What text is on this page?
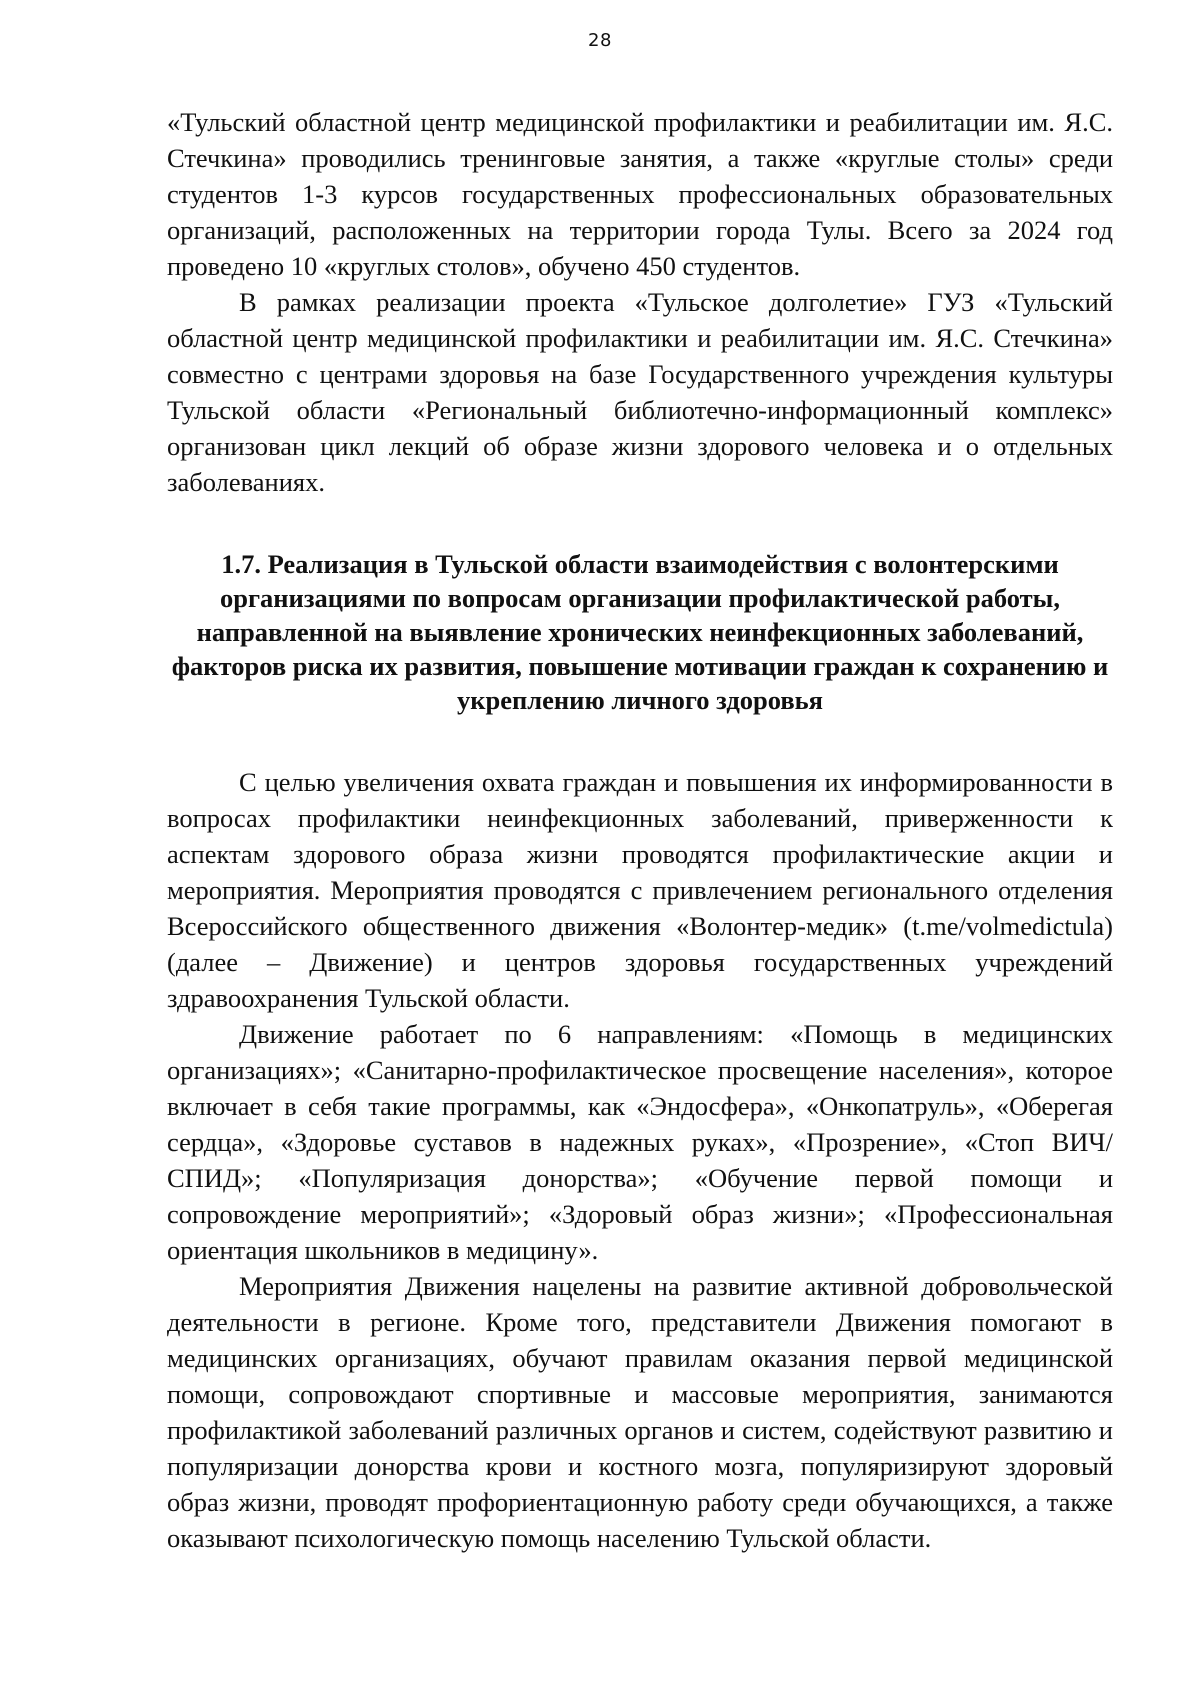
28

«Тульский областной центр медицинской профилактики и реабилитации им. Я.С. Стечкина» проводились тренинговые занятия, а также «круглые столы» среди студентов 1-3 курсов государственных профессиональных образовательных организаций, расположенных на территории города Тулы. Всего за 2024 год проведено 10 «круглых столов», обучено 450 студентов.

В рамках реализации проекта «Тульское долголетие» ГУЗ «Тульский областной центр медицинской профилактики и реабилитации им. Я.С. Стечкина» совместно с центрами здоровья на базе Государственного учреждения культуры Тульской области «Региональный библиотечно-информационный комплекс» организован цикл лекций об образе жизни здорового человека и о отдельных заболеваниях.

1.7. Реализация в Тульской области взаимодействия с волонтерскими организациями по вопросам организации профилактической работы, направленной на выявление хронических неинфекционных заболеваний, факторов риска их развития, повышение мотивации граждан к сохранению и укреплению личного здоровья

С целью увеличения охвата граждан и повышения их информированности в вопросах профилактики неинфекционных заболеваний, приверженности к аспектам здорового образа жизни проводятся профилактические акции и мероприятия. Мероприятия проводятся с привлечением регионального отделения Всероссийского общественного движения «Волонтер-медик» (t.me/volmedictula) (далее – Движение) и центров здоровья государственных учреждений здравоохранения Тульской области.

Движение работает по 6 направлениям: «Помощь в медицинских организациях»; «Санитарно-профилактическое просвещение населения», которое включает в себя такие программы, как «Эндосфера», «Онкопатруль», «Оберегая сердца», «Здоровье суставов в надежных руках», «Прозрение», «Стоп ВИЧ/СПИД»; «Популяризация донорства»; «Обучение первой помощи и сопровождение мероприятий»; «Здоровый образ жизни»; «Профессиональная ориентация школьников в медицину».

Мероприятия Движения нацелены на развитие активной добровольческой деятельности в регионе. Кроме того, представители Движения помогают в медицинских организациях, обучают правилам оказания первой медицинской помощи, сопровождают спортивные и массовые мероприятия, занимаются профилактикой заболеваний различных органов и систем, содействуют развитию и популяризации донорства крови и костного мозга, популяризируют здоровый образ жизни, проводят профориентационную работу среди обучающихся, а также оказывают психологическую помощь населению Тульской области.
